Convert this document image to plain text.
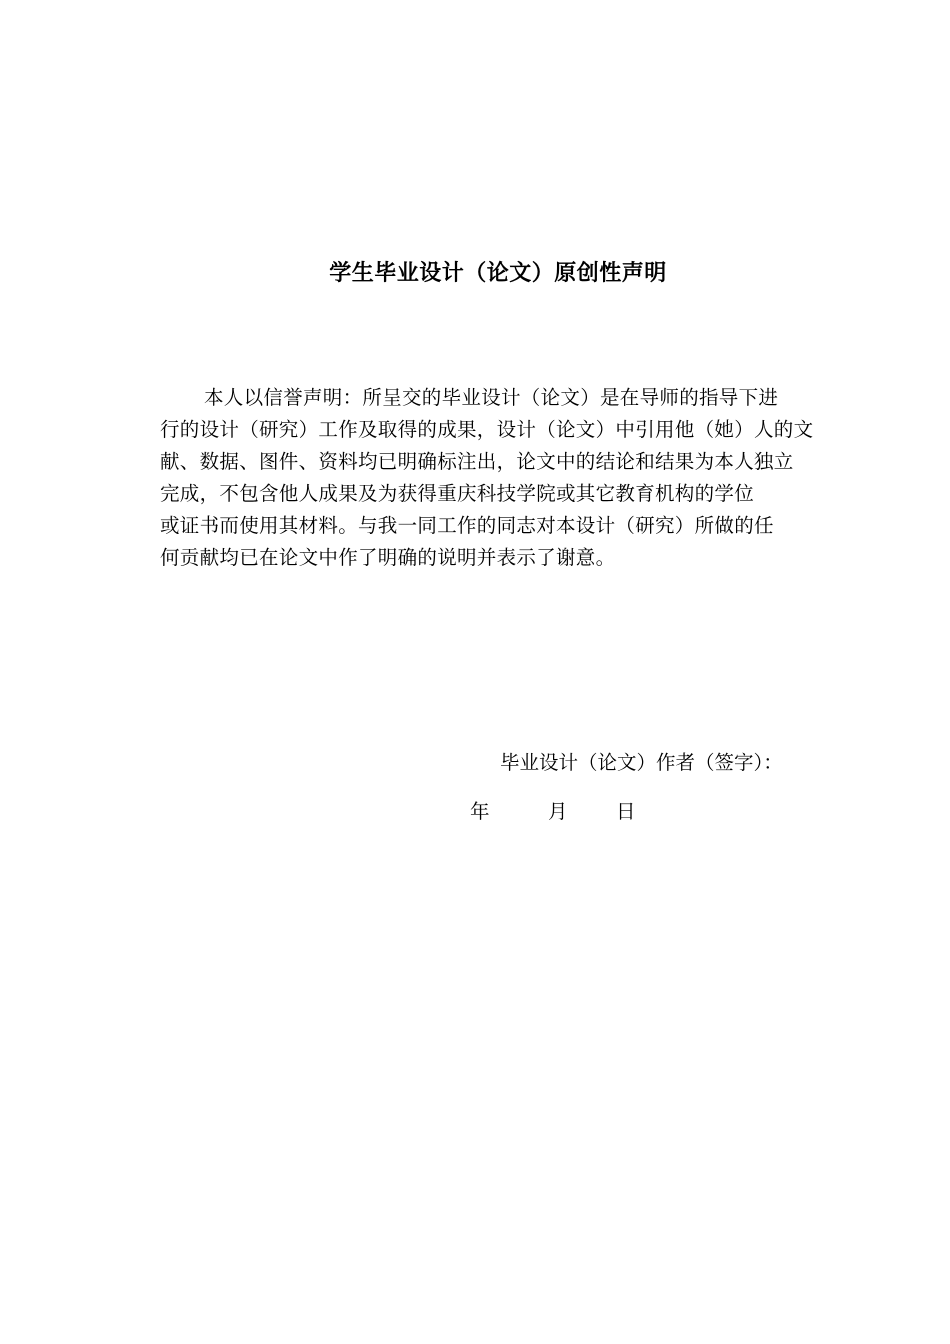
学生毕业设计（论文）原创性声明
本人以信誉声明：所呈交的毕业设计（论文）是在导师的指导下进
行的设计（研究）工作及取得的成果，设计（论文）中引用他（她）人的文
献、数据、图件、资料均已明确标注出，论文中的结论和结果为本人独立
完成，不包含他人成果及为获得重庆科技学院或其它教育机构的学位
或证书而使用其材料。与我一同工作的同志对本设计（研究）所做的任
何贡献均已在论文中作了明确的说明并表示了谢意。
毕业设计（论文）作者（签字）：
年	月 日
